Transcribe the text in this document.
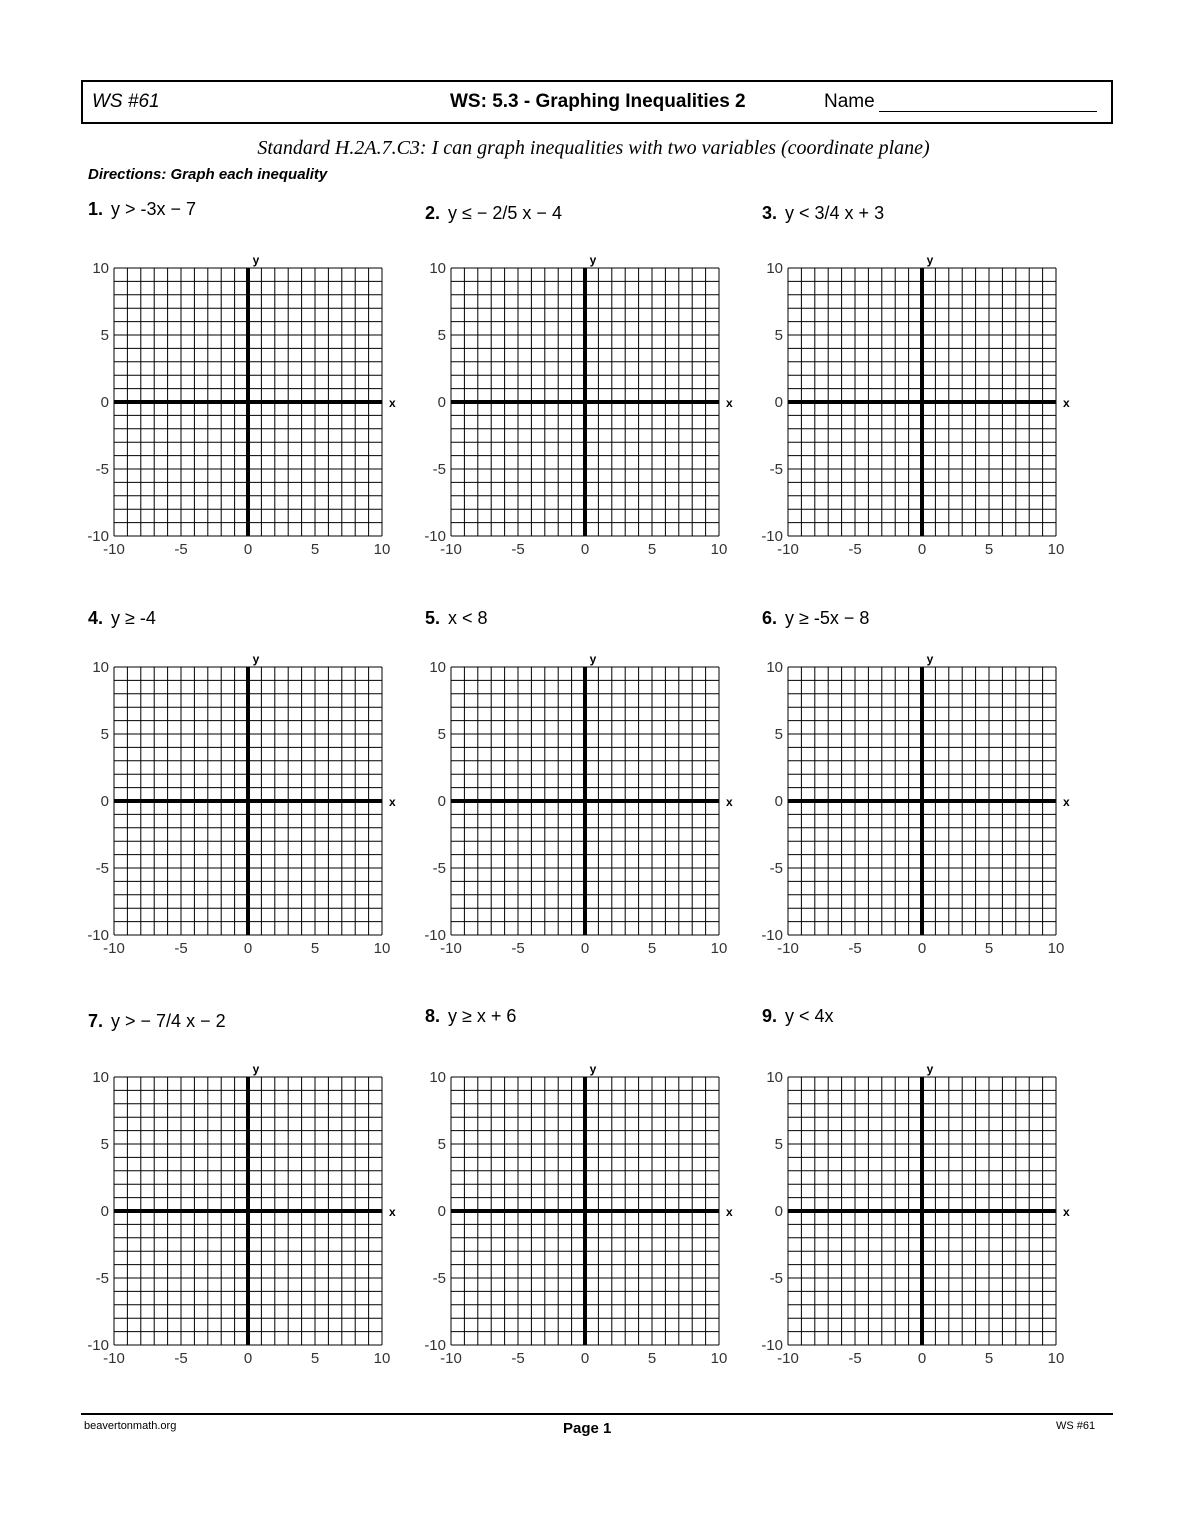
WS #61	WS: 5.3 - Graphing Inequalities 2	Name
Standard H.2A.7.C3: I can graph inequalities with two variables (coordinate plane)
Directions: Graph each inequality
1. y > -3x − 7	2. y ≤ − 2/5 x − 4	3. y < 3/4 x + 3
4. y ≥ -4	5. x < 8	6. y ≥ -5x − 8
7. y > − 7/4 x − 2	8. y ≥ x + 6	9. y < 4x
-10
-10
-5
-5
0
0
5
5
10
10
x
y
-10
-10
-5
-5
0
0
5
5
10
10
x
y
-10
-10
-5
-5
0
0
5
5
10
10
x
y
-10
-10
-5
-5
0
0
5
5
10
10
x
y
-10
-10
-5
-5
0
0
5
5
10
10
x
y
-10
-10
-5
-5
0
0
5
5
10
10
x
y
-10
-10
-5
-5
0
0
5
5
10
10
x
y
-10
-10
-5
-5
0
0
5
5
10
10
x
y
-10
-10
-5
-5
0
0
5
5
10
10
x
y
beavertonmath.org	Page 1	WS #61
